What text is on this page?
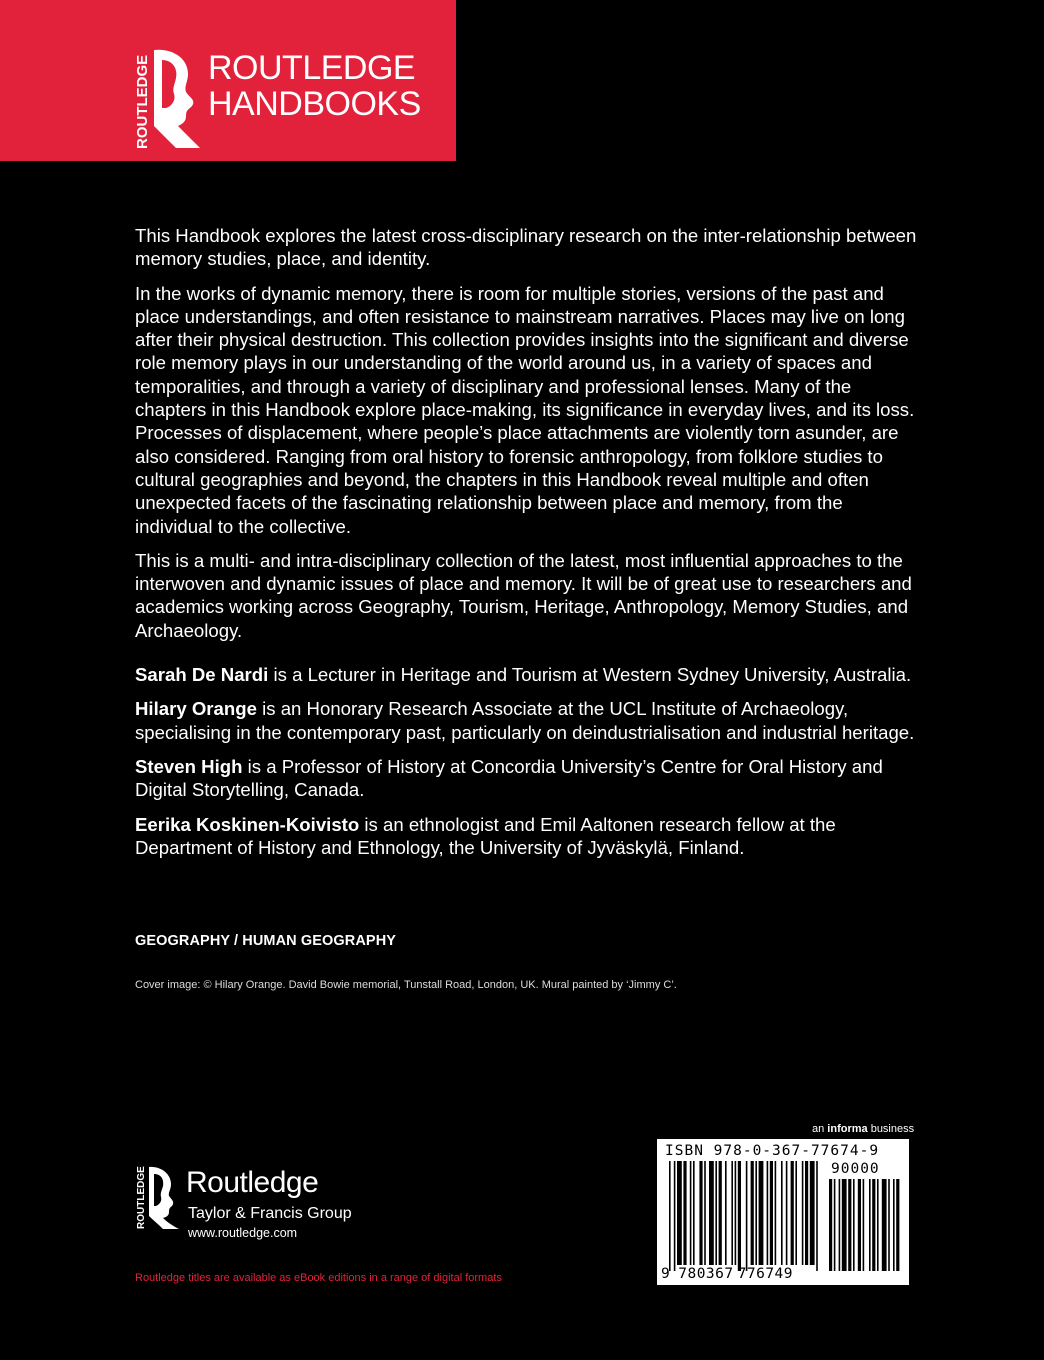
ROUTLEDGE ROUTLEDGE
HANDBOOKS

This Handbook explores the latest cross-disciplinary research on the inter-relationship between memory studies, place, and identity.

In the works of dynamic memory, there is room for multiple stories, versions of the past and place understandings, and often resistance to mainstream narratives. Places may live on long after their physical destruction. This collection provides insights into the significant and diverse role memory plays in our understanding of the world around us, in a variety of spaces and temporalities, and through a variety of disciplinary and professional lenses. Many of the chapters in this Handbook explore place-making, its significance in everyday lives, and its loss. Processes of displacement, where people’s place attachments are violently torn asunder, are also considered. Ranging from oral history to forensic anthropology, from folklore studies to cultural geographies and beyond, the chapters in this Handbook reveal multiple and often unexpected facets of the fascinating relationship between place and memory, from the individual to the collective.

This is a multi- and intra-disciplinary collection of the latest, most influential approaches to the interwoven and dynamic issues of place and memory. It will be of great use to researchers and academics working across Geography, Tourism, Heritage, Anthropology, Memory Studies, and Archaeology.

Sarah De Nardi is a Lecturer in Heritage and Tourism at Western Sydney University, Australia.

Hilary Orange is an Honorary Research Associate at the UCL Institute of Archaeology, specialising in the contemporary past, particularly on deindustrialisation and industrial heritage.

Steven High is a Professor of History at Concordia University’s Centre for Oral History and Digital Storytelling, Canada.

Eerika Koskinen-Koivisto is an ethnologist and Emil Aaltonen research fellow at the Department of History and Ethnology, the University of Jyväskylä, Finland.

GEOGRAPHY / HUMAN GEOGRAPHY
Cover image: © Hilary Orange. David Bowie memorial, Tunstall Road, London, UK. Mural painted by ‘Jimmy C’.
ROUTLEDGE Routledge
Taylor & Francis Group
www.routledge.com
Routledge titles are available as eBook editions in a range of digital formats
an informa business
ISBN 978-0-367-77674-9
90000
9 780367 776749
